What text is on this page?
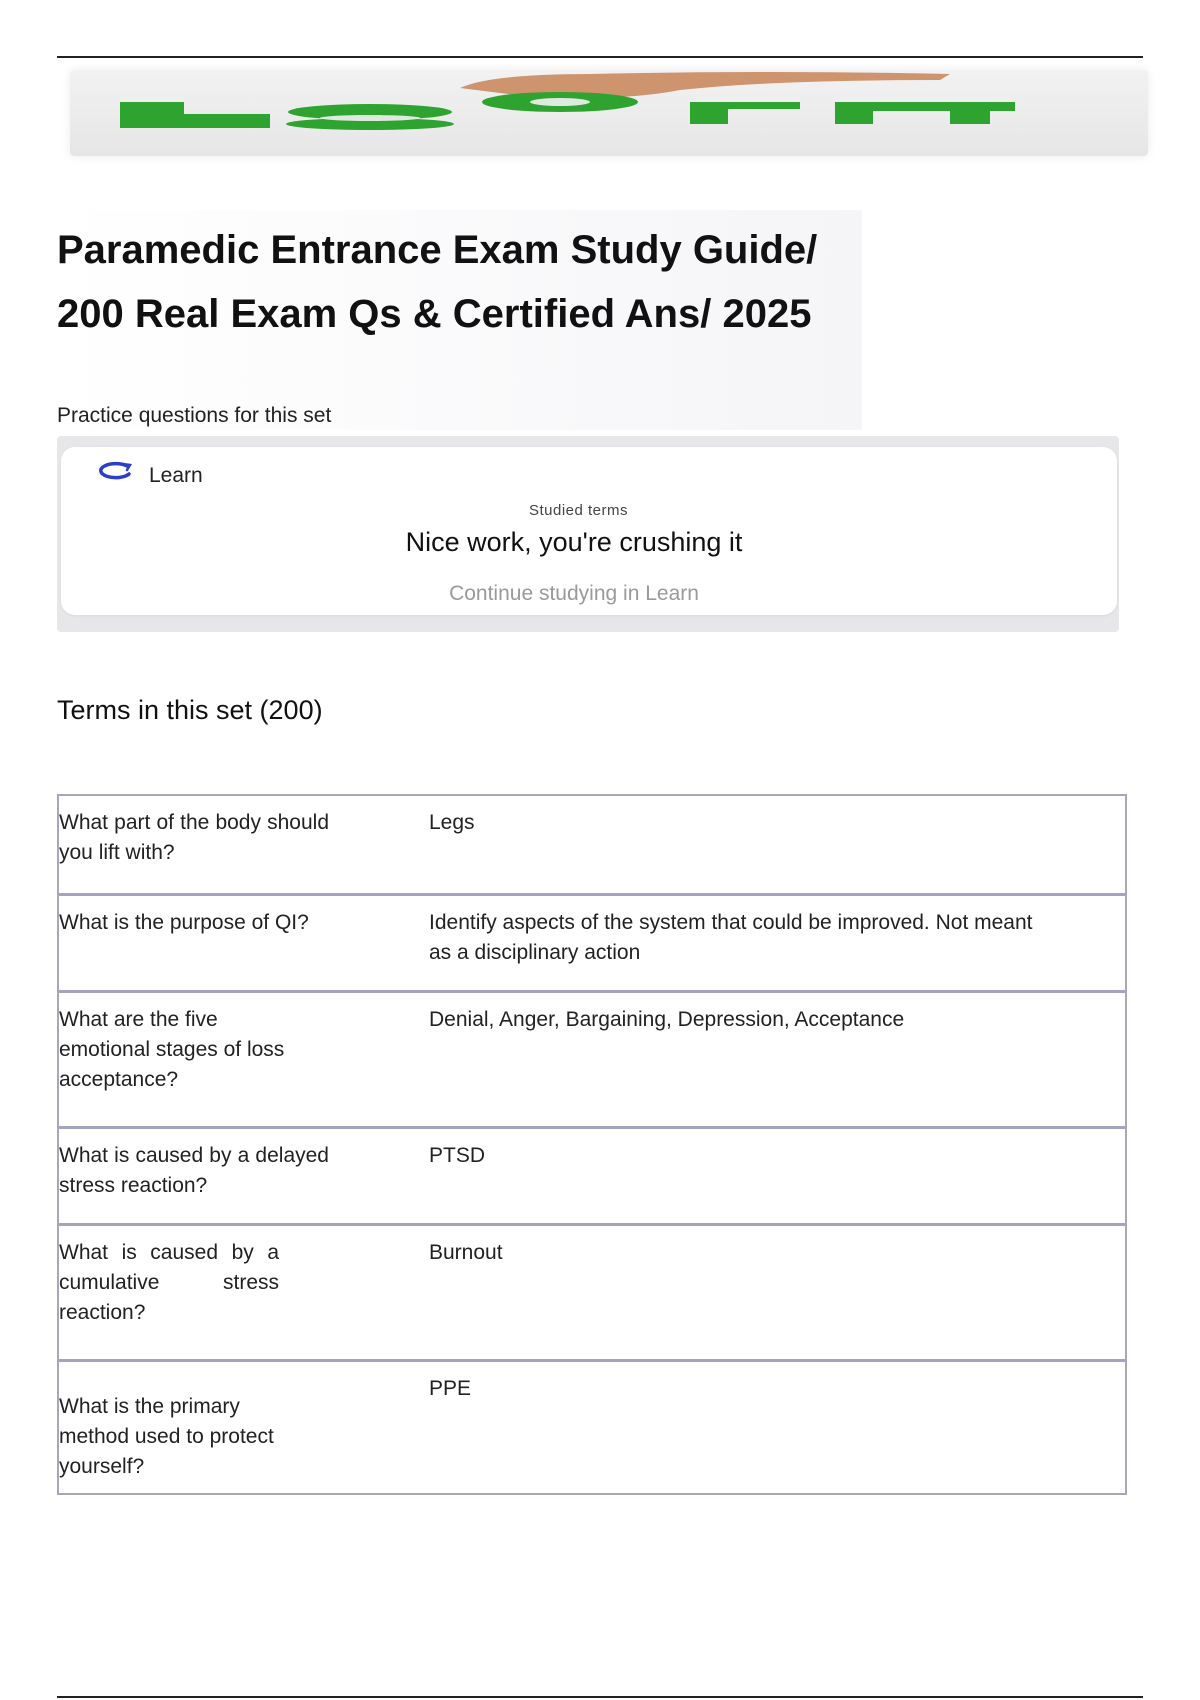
Paramedic Entrance Exam Study Guide/
200 Real Exam Qs & Certified Ans/ 2025
Practice questions for this set
Learn
Studied terms
Nice work, you're crushing it
Continue studying in Learn
Terms in this set (200)
What part of the body should you lift with?
Legs
What is the purpose of QI?	Identify aspects of the system that could be improved. Not meant as a disciplinary action
What are the five emotional stages of loss acceptance?
Denial, Anger, Bargaining, Depression, Acceptance
What is caused by a delayed stress reaction?
PTSD
What is caused by a cumulative stress reaction?
Burnout
What is the primary method used to protect yourself?
PPE
